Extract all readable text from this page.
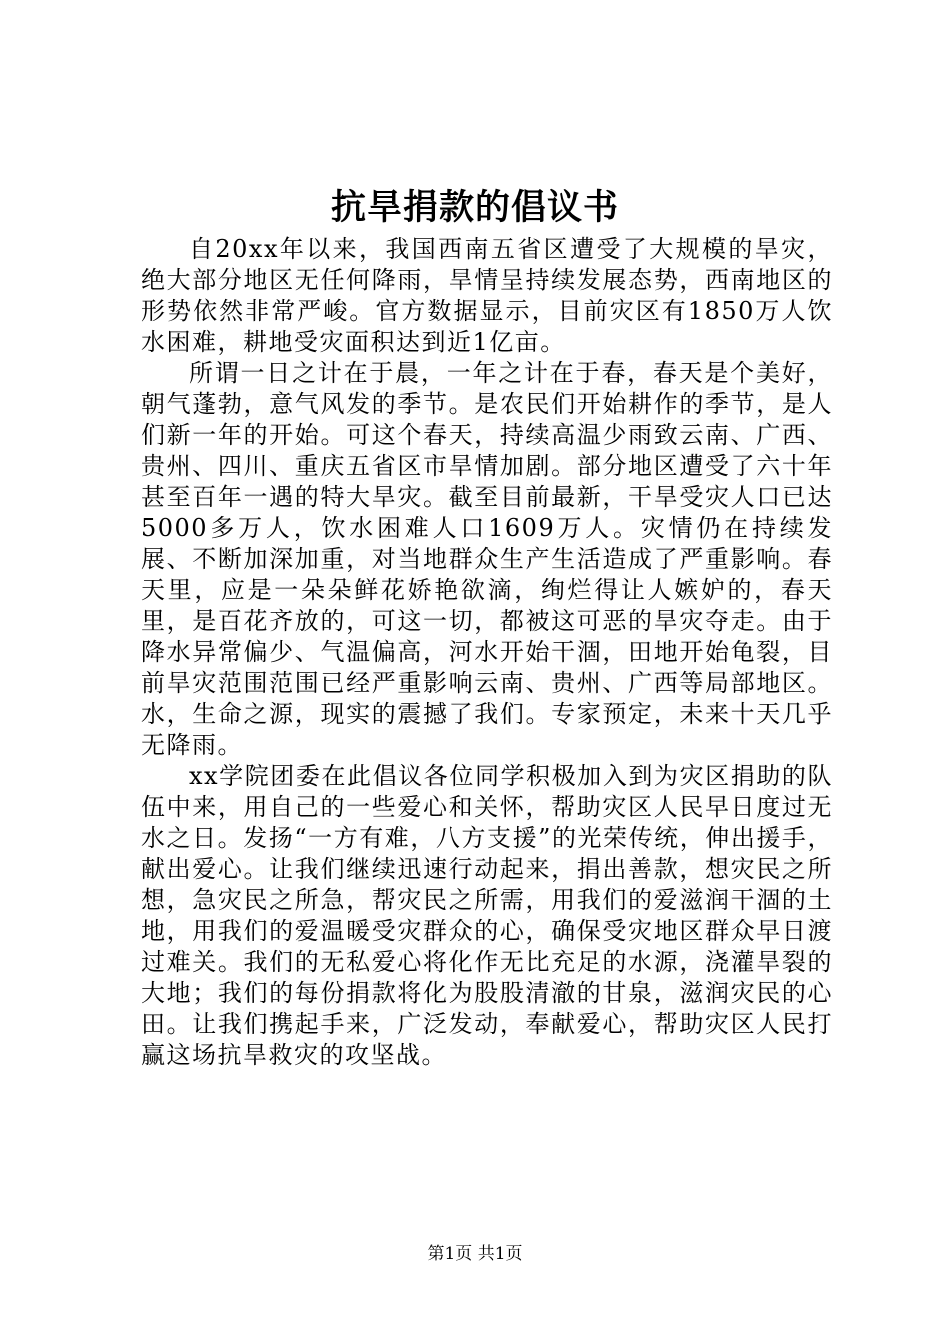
抗旱捐款的倡议书

自20xx年以来，我国西南五省区遭受了大规模的旱灾，绝大部分地区无任何降雨，旱情呈持续发展态势，西南地区的形势依然非常严峻。官方数据显示，目前灾区有1850万人饮水困难，耕地受灾面积达到近1亿亩。

所谓一日之计在于晨，一年之计在于春，春天是个美好，朝气蓬勃，意气风发的季节。是农民们开始耕作的季节，是人们新一年的开始。可这个春天，持续高温少雨致云南、广西、贵州、四川、重庆五省区市旱情加剧。部分地区遭受了六十年甚至百年一遇的特大旱灾。截至目前最新，干旱受灾人口已达5000多万人，饮水困难人口1609万人。灾情仍在持续发展、不断加深加重，对当地群众生产生活造成了严重影响。春天里，应是一朵朵鲜花娇艳欲滴，绚烂得让人嫉妒的，春天里，是百花齐放的，可这一切，都被这可恶的旱灾夺走。由于降水异常偏少、气温偏高，河水开始干涸，田地开始龟裂，目前旱灾范围范围已经严重影响云南、贵州、广西等局部地区。水，生命之源，现实的震撼了我们。专家预定，未来十天几乎无降雨。

xx学院团委在此倡议各位同学积极加入到为灾区捐助的队伍中来，用自己的一些爱心和关怀，帮助灾区人民早日度过无水之日。发扬“一方有难，八方支援”的光荣传统，伸出援手，献出爱心。让我们继续迅速行动起来，捐出善款，想灾民之所想，急灾民之所急，帮灾民之所需，用我们的爱滋润干涸的土地，用我们的爱温暖受灾群众的心，确保受灾地区群众早日渡过难关。我们的无私爱心将化作无比充足的水源，浇灌旱裂的大地；我们的每份捐款将化为股股清澈的甘泉，滋润灾民的心田。让我们携起手来，广泛发动，奉献爱心，帮助灾区人民打赢这场抗旱救灾的攻坚战。

第1页 共1页
